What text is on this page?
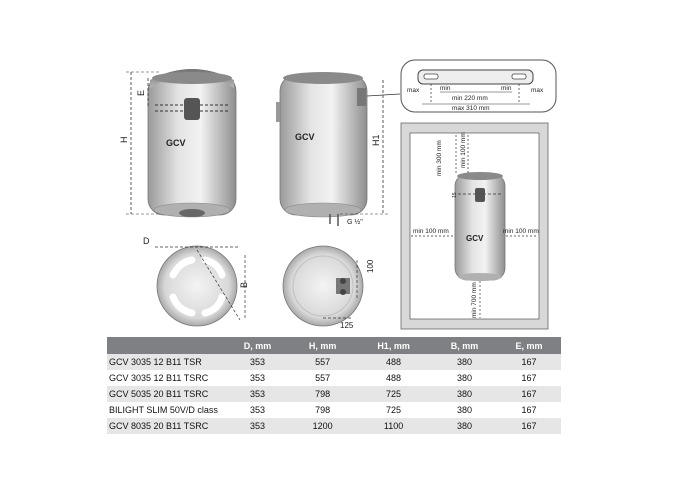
GCV
H
E
GCV
G ½"
H1
max	min	min	max
min 220 mm
max 310 mm
15
GCV
min 300 mm	min 100 mm
min 100 mm	min 100 mm
min 700 mm
D
B
100
125
	D, mm	H, mm	H1, mm	B, mm	E, mm
GCV 3035 12 B11 TSR	353	557	488	380	167
GCV 3035 12 B11 TSRC	353	557	488	380	167
GCV 5035 20 B11 TSRC	353	798	725	380	167
BILIGHT SLIM 50V/D class	353	798	725	380	167
GCV 8035 20 B11 TSRC	353	1200	1100	380	167
